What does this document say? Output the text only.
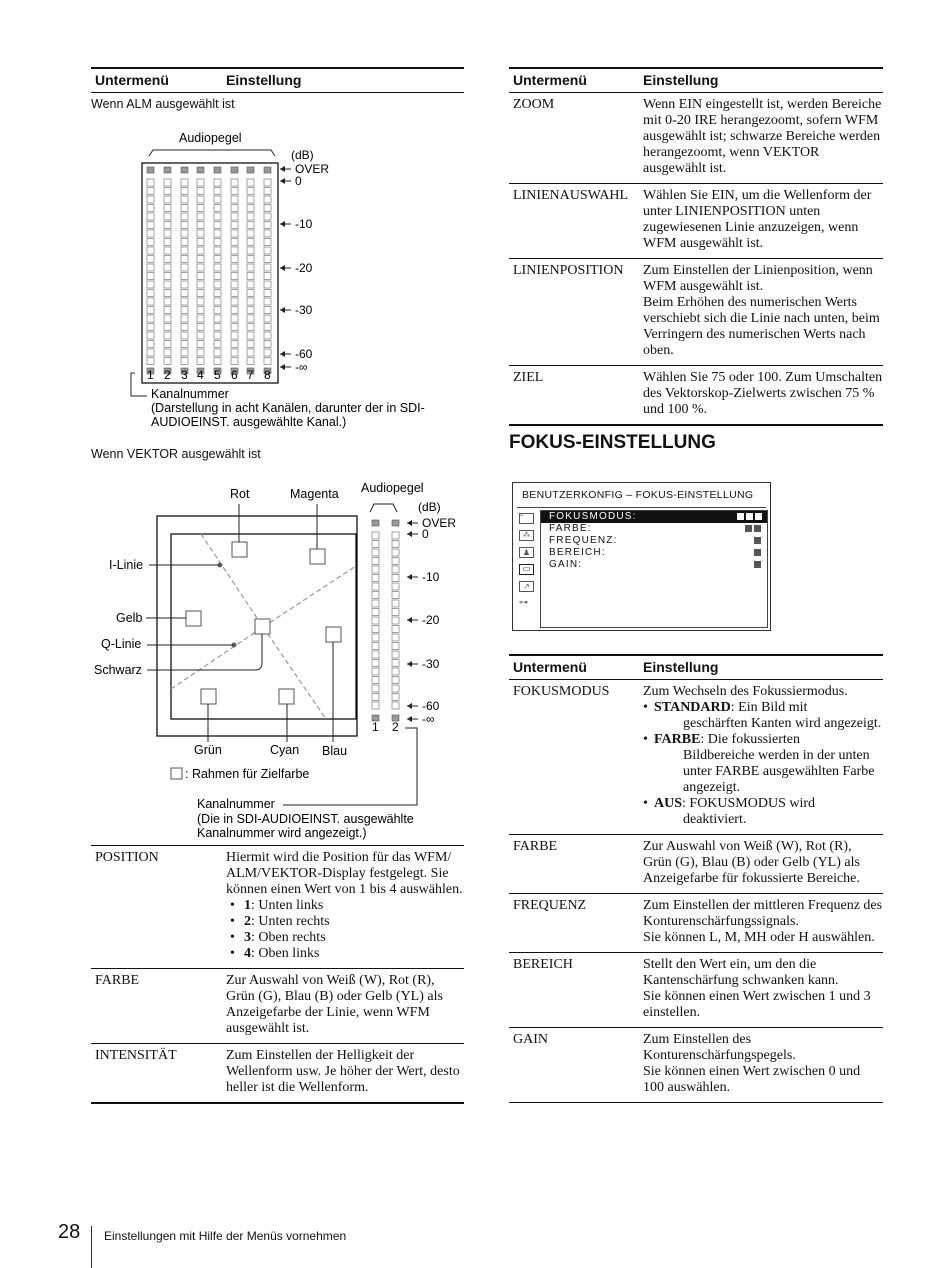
Untermenü	Einstellung
Wenn ALM ausgewählt ist
Audiopegel
(dB)
OVER
0
-10
-20
-30
-60
-∞
1 2 3 4 5 6 7 8
Kanalnummer
(Darstellung in acht Kanälen, darunter der in SDI-
AUDIOEINST. ausgewählte Kanal.)
Wenn VEKTOR ausgewählt ist
Rot	Magenta
I-Linie
Gelb
Q-Linie
Schwarz
Grün	Cyan Blau
Audiopegel
(dB)
OVER
0
-10
-20
-30
-60
-∞
1 2
: Rahmen für Zielfarbe
Kanalnummer
(Die in SDI-AUDIOEINST. ausgewählte
Kanalnummer wird angezeigt.)
POSITION	Hiermit wird die Position für das WFM/ ALM/VEKTOR-Display festgelegt. Sie können einen Wert von 1 bis 4 auswählen.
• 1: Unten links
• 2: Unten rechts
• 3: Oben rechts
• 4: Oben links
FARBE	Zur Auswahl von Weiß (W), Rot (R), Grün (G), Blau (B) oder Gelb (YL) als Anzeigefarbe der Linie, wenn WFM ausgewählt ist.
INTENSITÄT	Zum Einstellen der Helligkeit der Wellenform usw. Je höher der Wert, desto heller ist die Wellenform.
Untermenü	Einstellung
ZOOM	Wenn EIN eingestellt ist, werden Bereiche mit 0-20 IRE herangezoomt, sofern WFM ausgewählt ist; schwarze Bereiche werden herangezoomt, wenn VEKTOR ausgewählt ist.
LINIENAUSWAHL	Wählen Sie EIN, um die Wellenform der unter LINIENPOSITION unten zugewiesenen Linie anzuzeigen, wenn WFM ausgewählt ist.
LINIENPOSITION	Zum Einstellen der Linienposition, wenn WFM ausgewählt ist.
Beim Erhöhen des numerischen Werts verschiebt sich die Linie nach unten, beim Verringern des numerischen Werts nach oben.
ZIEL	Wählen Sie 75 oder 100. Zum Umschalten des Vektorskop-Zielwerts zwischen 75 % und 100 %.
FOKUS-EINSTELLUNG
BENUTZERKONFIG – FOKUS-EINSTELLUNG
≡
⁂
♟
▭
↗
⊶
FOKUSMODUS:
FARBE:
FREQUENZ:
BEREICH:
GAIN:
Untermenü	Einstellung
FOKUSMODUS	Zum Wechseln des Fokussiermodus.
• STANDARD: Ein Bild mit
geschärften Kanten wird angezeigt.
• FARBE: Die fokussierten
Bildbereiche werden in der unten unter FARBE ausgewählten Farbe angezeigt.
• AUS: FOKUSMODUS wird
deaktiviert.
FARBE	Zur Auswahl von Weiß (W), Rot (R), Grün (G), Blau (B) oder Gelb (YL) als Anzeigefarbe für fokussierte Bereiche.
FREQUENZ	Zum Einstellen der mittleren Frequenz des Konturenschärfungssignals.
Sie können L, M, MH oder H auswählen.
BEREICH	Stellt den Wert ein, um den die Kantenschärfung schwanken kann.
Sie können einen Wert zwischen 1 und 3 einstellen.
GAIN	Zum Einstellen des Konturenschärfungspegels.
Sie können einen Wert zwischen 0 und 100 auswählen.
28 Einstellungen mit Hilfe der Menüs vornehmen
